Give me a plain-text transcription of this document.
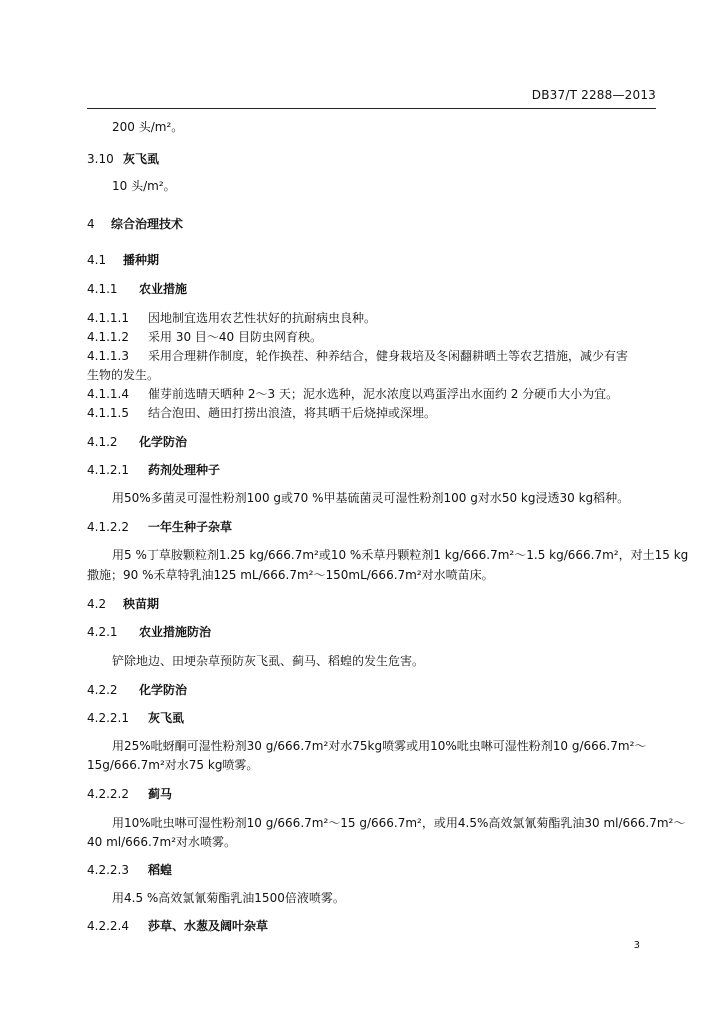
DB37/T 2288—2013
200 头/m²。
3.10 灰飞虱
10 头/m²。
4 综合治理技术
4.1 播种期
4.1.1 农业措施
4.1.1.1 因地制宜选用农艺性状好的抗耐病虫良种。
4.1.1.2 采用 30 目～40 目防虫网育秧。
4.1.1.3 采用合理耕作制度，轮作换茬、种养结合，健身栽培及冬闲翻耕晒土等农艺措施，减少有害
生物的发生。
4.1.1.4 催芽前选晴天晒种 2～3 天；泥水选种，泥水浓度以鸡蛋浮出水面约 2 分硬币大小为宜。
4.1.1.5 结合泡田、趟田打捞出浪渣，将其晒干后烧掉或深埋。
4.1.2 化学防治
4.1.2.1 药剂处理种子
用50%多菌灵可湿性粉剂100 g或70 %甲基硫菌灵可湿性粉剂100 g对水50 kg浸透30 kg稻种。
4.1.2.2 一年生种子杂草
用5 %丁草胺颗粒剂1.25 kg/666.7m²或10 %禾草丹颗粒剂1 kg/666.7m²～1.5 kg/666.7m²，对土15 kg
撒施；90 %禾草特乳油125 mL/666.7m²～150mL/666.7m²对水喷苗床。
4.2 秧苗期
4.2.1 农业措施防治
铲除地边、田埂杂草预防灰飞虱、蓟马、稻蝗的发生危害。
4.2.2 化学防治
4.2.2.1 灰飞虱
用25%吡蚜酮可湿性粉剂30 g/666.7m²对水75kg喷雾或用10%吡虫啉可湿性粉剂10 g/666.7m²～
15g/666.7m²对水75 kg喷雾。
4.2.2.2 蓟马
用10%吡虫啉可湿性粉剂10 g/666.7m²～15 g/666.7m²，或用4.5%高效氯氰菊酯乳油30 ml/666.7m²～
40 ml/666.7m²对水喷雾。
4.2.2.3 稻蝗
用4.5 %高效氯氰菊酯乳油1500倍液喷雾。
4.2.2.4 莎草、水葱及阔叶杂草
3
